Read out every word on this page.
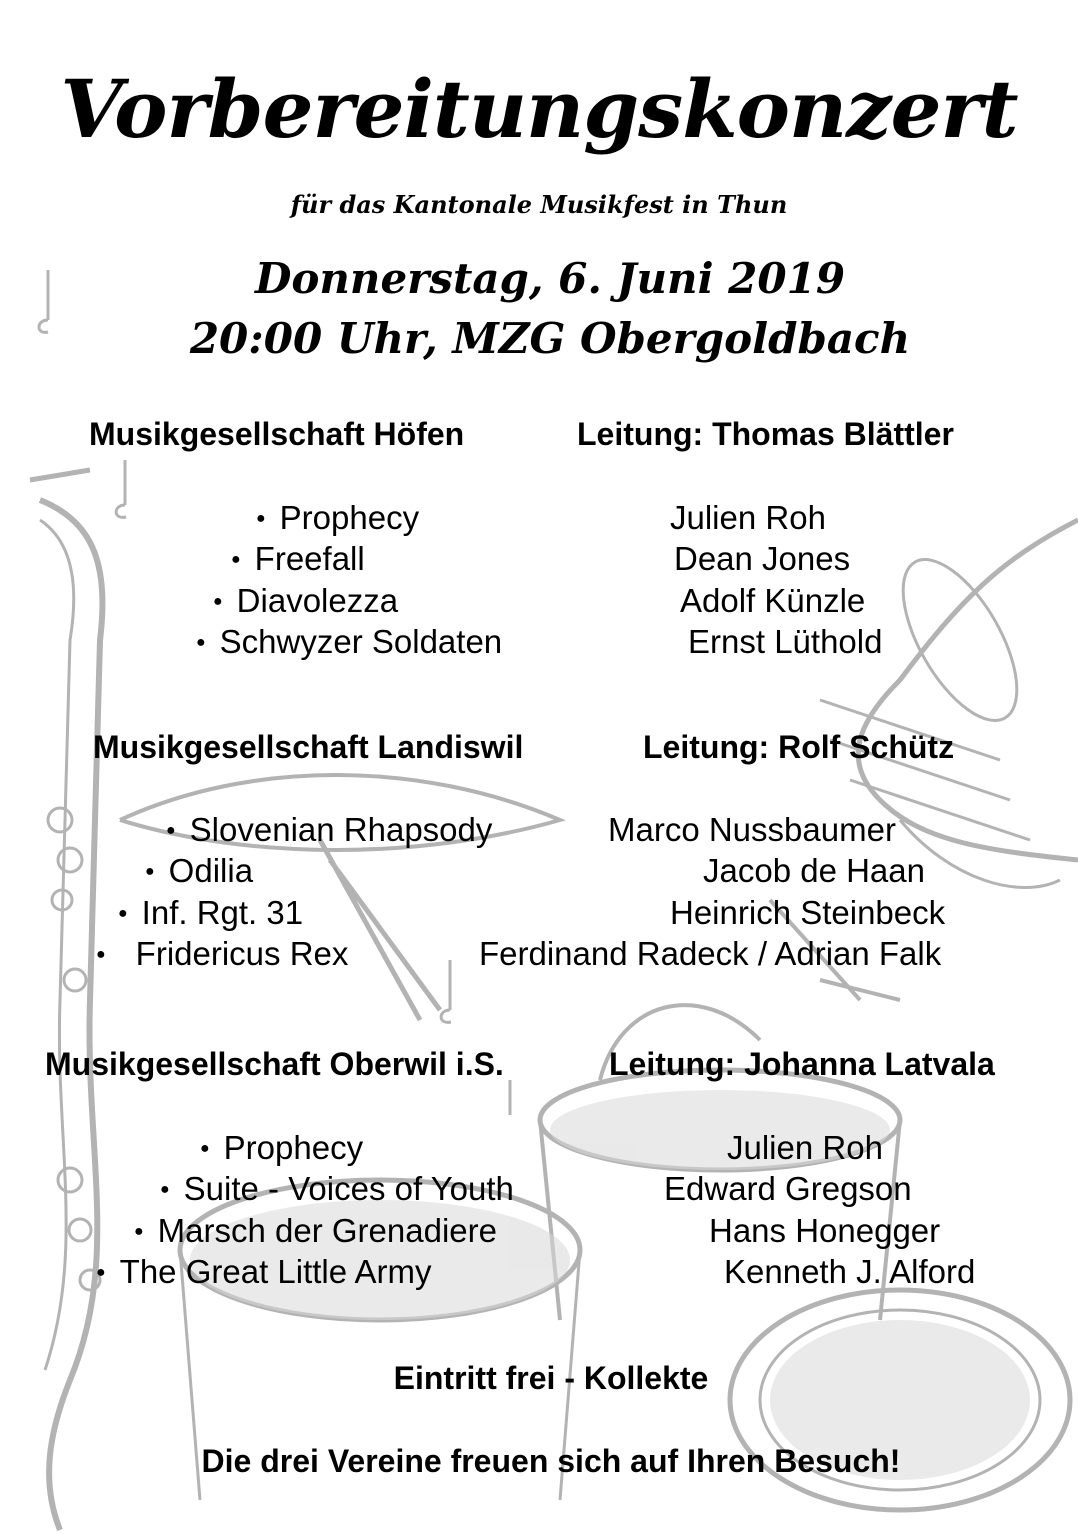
Vorbereitungskonzert
für das Kantonale Musikfest in Thun
Donnerstag, 6. Juni 2019
20:00 Uhr, MZG Obergoldbach
Musikgesellschaft Höfen	Leitung: Thomas Blättler
● Prophecy	Julien Roh
● Freefall	Dean Jones
● Diavolezza	Adolf Künzle
● Schwyzer Soldaten	Ernst Lüthold
Musikgesellschaft Landiswil	Leitung: Rolf Schütz
● Slovenian Rhapsody	Marco Nussbaumer
● Odilia	Jacob de Haan
● Inf. Rgt. 31	Heinrich Steinbeck
● Fridericus Rex	Ferdinand Radeck / Adrian Falk
Musikgesellschaft Oberwil i.S.	Leitung: Johanna Latvala
● Prophecy	Julien Roh
● Suite - Voices of Youth	Edward Gregson
● Marsch der Grenadiere	Hans Honegger
● The Great Little Army	Kenneth J. Alford
Eintritt frei - Kollekte
Die drei Vereine freuen sich auf Ihren Besuch!
